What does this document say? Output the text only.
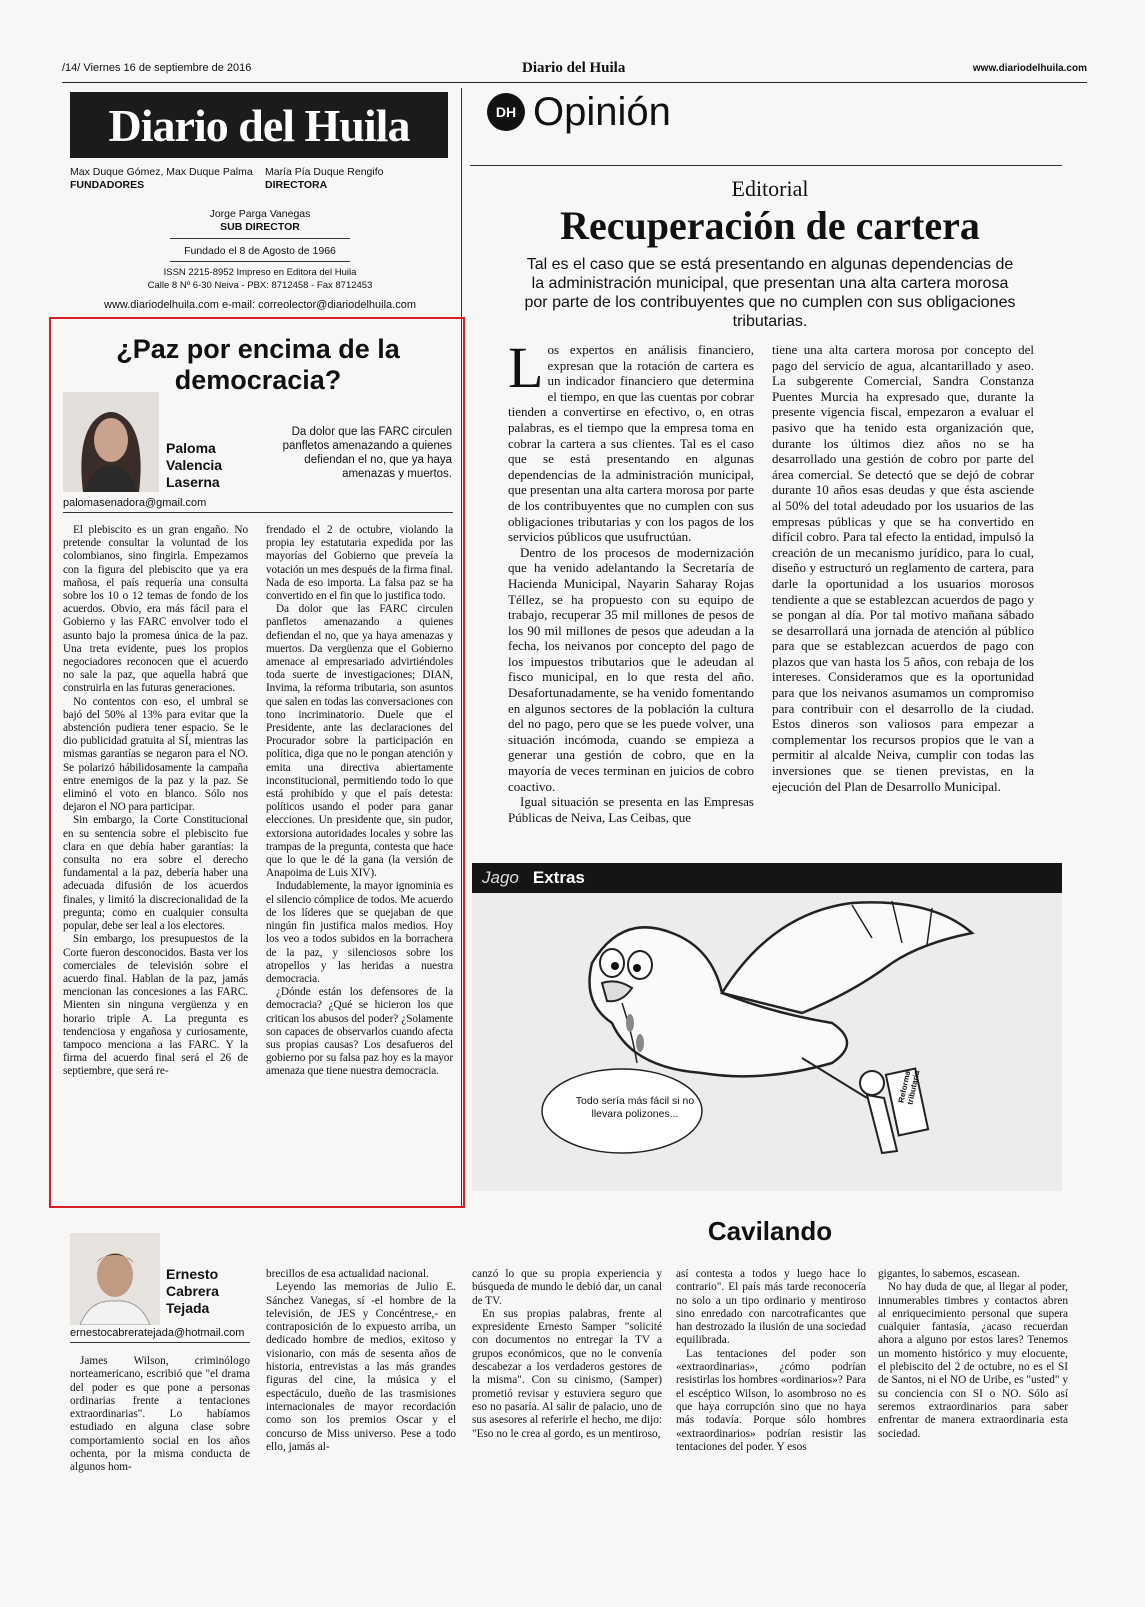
/14/ Viernes 16 de septiembre de 2016	Diario del Huila	www.diariodelhuila.com
Diario del Huila
Max Duque Gómez, Max Duque Palma
FUNDADORES
María Pía Duque Rengifo
DIRECTORA
Jorge Parga Vanegas
SUB DIRECTOR
Fundado el 8 de Agosto de 1966
ISSN 2215-8952 Impreso en Editora del Huila
Calle 8 Nº 6-30 Neiva - PBX: 8712458 - Fax 8712453
www.diariodelhuila.com e-mail: correolector@diariodelhuila.com
DH Opinión
Editorial
Recuperación de cartera
Tal es el caso que se está presentando en algunas dependencias de la administración municipal, que presentan una alta cartera morosa por parte de los contribuyentes que no cumplen con sus obligaciones tributarias.

Los expertos en análisis financiero, expresan que la rotación de cartera es un indicador financiero que determina el tiempo, en que las cuentas por cobrar tienden a convertirse en efectivo, o, en otras palabras, es el tiempo que la empresa toma en cobrar la cartera a sus clientes. Tal es el caso que se está presentando en algunas dependencias de la administración municipal, que presentan una alta cartera morosa por parte de los contribuyentes que no cumplen con sus obligaciones tributarias y con los pagos de los servicios públicos que usufructúan.

Dentro de los procesos de modernización que ha venido adelantando la Secretaría de Hacienda Municipal, Nayarin Saharay Rojas Téllez, se ha propuesto con su equipo de trabajo, recuperar 35 mil millones de pesos de los 90 mil millones de pesos que adeudan a la fecha, los neivanos por concepto del pago de los impuestos tributarios que le adeudan al fisco municipal, en lo que resta del año. Desafortunadamente, se ha venido fomentando en algunos sectores de la población la cultura del no pago, pero que se les puede volver, una situación incómoda, cuando se empieza a generar una gestión de cobro, que en la mayoría de veces terminan en juicios de cobro coactivo.

Igual situación se presenta en las Empresas Públicas de Neiva, Las Ceibas, que

tiene una alta cartera morosa por concepto del pago del servicio de agua, alcantarillado y aseo. La subgerente Comercial, Sandra Constanza Puentes Murcia ha expresado que, durante la presente vigencia fiscal, empezaron a evaluar el pasivo que ha tenido esta organización que, durante los últimos diez años no se ha desarrollado una gestión de cobro por parte del área comercial. Se detectó que se dejó de cobrar durante 10 años esas deudas y que ésta asciende al 50% del total adeudado por los usuarios de las empresas públicas y que se ha convertido en difícil cobro. Para tal efecto la entidad, impulsó la creación de un mecanismo jurídico, para lo cual, diseño y estructuró un reglamento de cartera, para darle la oportunidad a los usuarios morosos tendiente a que se establezcan acuerdos de pago y se pongan al día. Por tal motivo mañana sábado se desarrollará una jornada de atención al público para que se establezcan acuerdos de pago con plazos que van hasta los 5 años, con rebaja de los intereses. Consideramos que es la oportunidad para que los neivanos asumamos un compromiso para contribuir con el desarrollo de la ciudad. Estos dineros son valiosos para empezar a complementar los recursos propios que le van a permitir al alcalde Neiva, cumplir con todas las inversiones que se tienen previstas, en la ejecución del Plan de Desarrollo Municipal.

¿Paz por encima de la democracia?
Paloma Valencia Laserna
Da dolor que las FARC circulen panfletos amenazando a quienes defiendan el no, que ya haya amenazas y muertos.
palomasenadora@gmail.com

El plebiscito es un gran engaño. No pretende consultar la voluntad de los colombianos, sino fingirla. Empezamos con la figura del plebiscito que ya era mañosa, el país requería una consulta sobre los 10 o 12 temas de fondo de los acuerdos. Obvio, era más fácil para el Gobierno y las FARC envolver todo el asunto bajo la promesa única de la paz. Una treta evidente, pues los propios negociadores reconocen que el acuerdo no sale la paz, que aquella habrá que construirla en las futuras generaciones.

No contentos con eso, el umbral se bajó del 50% al 13% para evitar que la abstención pudiera tener espacio. Se le dio publicidad gratuita al SÍ, mientras las mismas garantías se negaron para el NO. Se polarizó hábilidosamente la campaña entre enemigos de la paz y la paz. Se eliminó el voto en blanco. Sólo nos dejaron el NO para participar.

Sin embargo, la Corte Constitucional en su sentencia sobre el plebiscito fue clara en que debía haber garantías: la consulta no era sobre el derecho fundamental a la paz, debería haber una adecuada difusión de los acuerdos finales, y limitó la discrecionalidad de la pregunta; como en cualquier consulta popular, debe ser leal a los electores.

Sin embargo, los presupuestos de la Corte fueron desconocidos. Basta ver los comerciales de televisión sobre el acuerdo final. Hablan de la paz, jamás mencionan las concesiones a las FARC. Mienten sin ninguna vergüenza y en horario triple A. La pregunta es tendenciosa y engañosa y curiosamente, tampoco menciona a las FARC. Y la firma del acuerdo final será el 26 de septiembre, que será re-

frendado el 2 de octubre, violando la propia ley estatutaria expedida por las mayorías del Gobierno que preveía la votación un mes después de la firma final. Nada de eso importa. La falsa paz se ha convertido en el fin que lo justifica todo.

Da dolor que las FARC circulen panfletos amenazando a quienes defiendan el no, que ya haya amenazas y muertos. Da vergüenza que el Gobierno amenace al empresariado advirtiéndoles toda suerte de investigaciones; DIAN, Invima, la reforma tributaria, son asuntos que salen en todas las conversaciones con tono incriminatorio. Duele que el Presidente, ante las declaraciones del Procurador sobre la participación en política, diga que no le pongan atención y emita una directiva abiertamente inconstitucional, permitiendo todo lo que está prohibido y que el país detesta: políticos usando el poder para ganar elecciones. Un presidente que, sin pudor, extorsiona autoridades locales y sobre las trampas de la pregunta, contesta que hace que lo que le dé la gana (la versión de Anapoima de Luis XIV).

Indudablemente, la mayor ignominia es el silencio cómplice de todos. Me acuerdo de los líderes que se quejaban de que ningún fin justifica malos medios. Hoy los veo a todos subidos en la borrachera de la paz, y silenciosos sobre los atropellos y las heridas a nuestra democracia.

¿Dónde están los defensores de la democracia? ¿Qué se hicieron los que critican los abusos del poder? ¿Solamente son capaces de observarlos cuando afecta sus propias causas? Los desafueros del gobierno por su falsa paz hoy es la mayor amenaza que tiene nuestra democracia.

Jago Extras
Todo sería más fácil si no llevara polizones...
Reforma tributaria
Cavilando
Ernesto Cabrera Tejada
ernestocabreratejada@hotmail.com

James Wilson, criminólogo norteamericano, escribió que "el drama del poder es que pone a personas ordinarias frente a tentaciones extraordinarias". Lo habíamos estudiado en alguna clase sobre comportamiento social en los años ochenta, por la misma conducta de algunos hom-

brecillos de esa actualidad nacional.

Leyendo las memorias de Julio E. Sánchez Vanegas, sí -el hombre de la televisión, de JES y Concéntrese,- en contraposición de lo expuesto arriba, un dedicado hombre de medios, exitoso y visionario, con más de sesenta años de historia, entrevistas a las más grandes figuras del cine, la música y el espectáculo, dueño de las trasmisiones internacionales de mayor recordación como son los premios Oscar y el concurso de Miss universo. Pese a todo ello, jamás al-

canzó lo que su propia experiencia y búsqueda de mundo le debió dar, un canal de TV.

En sus propias palabras, frente al expresidente Ernesto Samper "solicité con documentos no entregar la TV a grupos económicos, que no le convenía descabezar a los verdaderos gestores de la misma". Con su cinismo, (Samper) prometió revisar y estuviera seguro que eso no pasaría. Al salir de palacio, uno de sus asesores al referirle el hecho, me dijo: "Eso no le crea al gordo, es un mentiroso,

así contesta a todos y luego hace lo contrario". El país más tarde reconocería no solo a un tipo ordinario y mentiroso sino enredado con narcotraficantes que han destrozado la ilusión de una sociedad equilibrada.

Las tentaciones del poder son «extraordinarias», ¿cómo podrían resistirlas los hombres «ordinarios»? Para el escéptico Wilson, lo asombroso no es que haya corrupción sino que no haya más todavía. Porque sólo hombres «extraordinarios» podrían resistir las tentaciones del poder. Y esos

gigantes, lo sabemos, escasean.

No hay duda de que, al llegar al poder, innumerables timbres y contactos abren al enriquecimiento personal que supera cualquier fantasía, ¿acaso recuerdan ahora a alguno por estos lares? Tenemos un momento histórico y muy elocuente, el plebiscito del 2 de octubre, no es el SI de Santos, ni el NO de Uribe, es "usted" y su conciencia con SI o NO. Sólo así seremos extraordinarios para saber enfrentar de manera extraordinaria esta sociedad.
